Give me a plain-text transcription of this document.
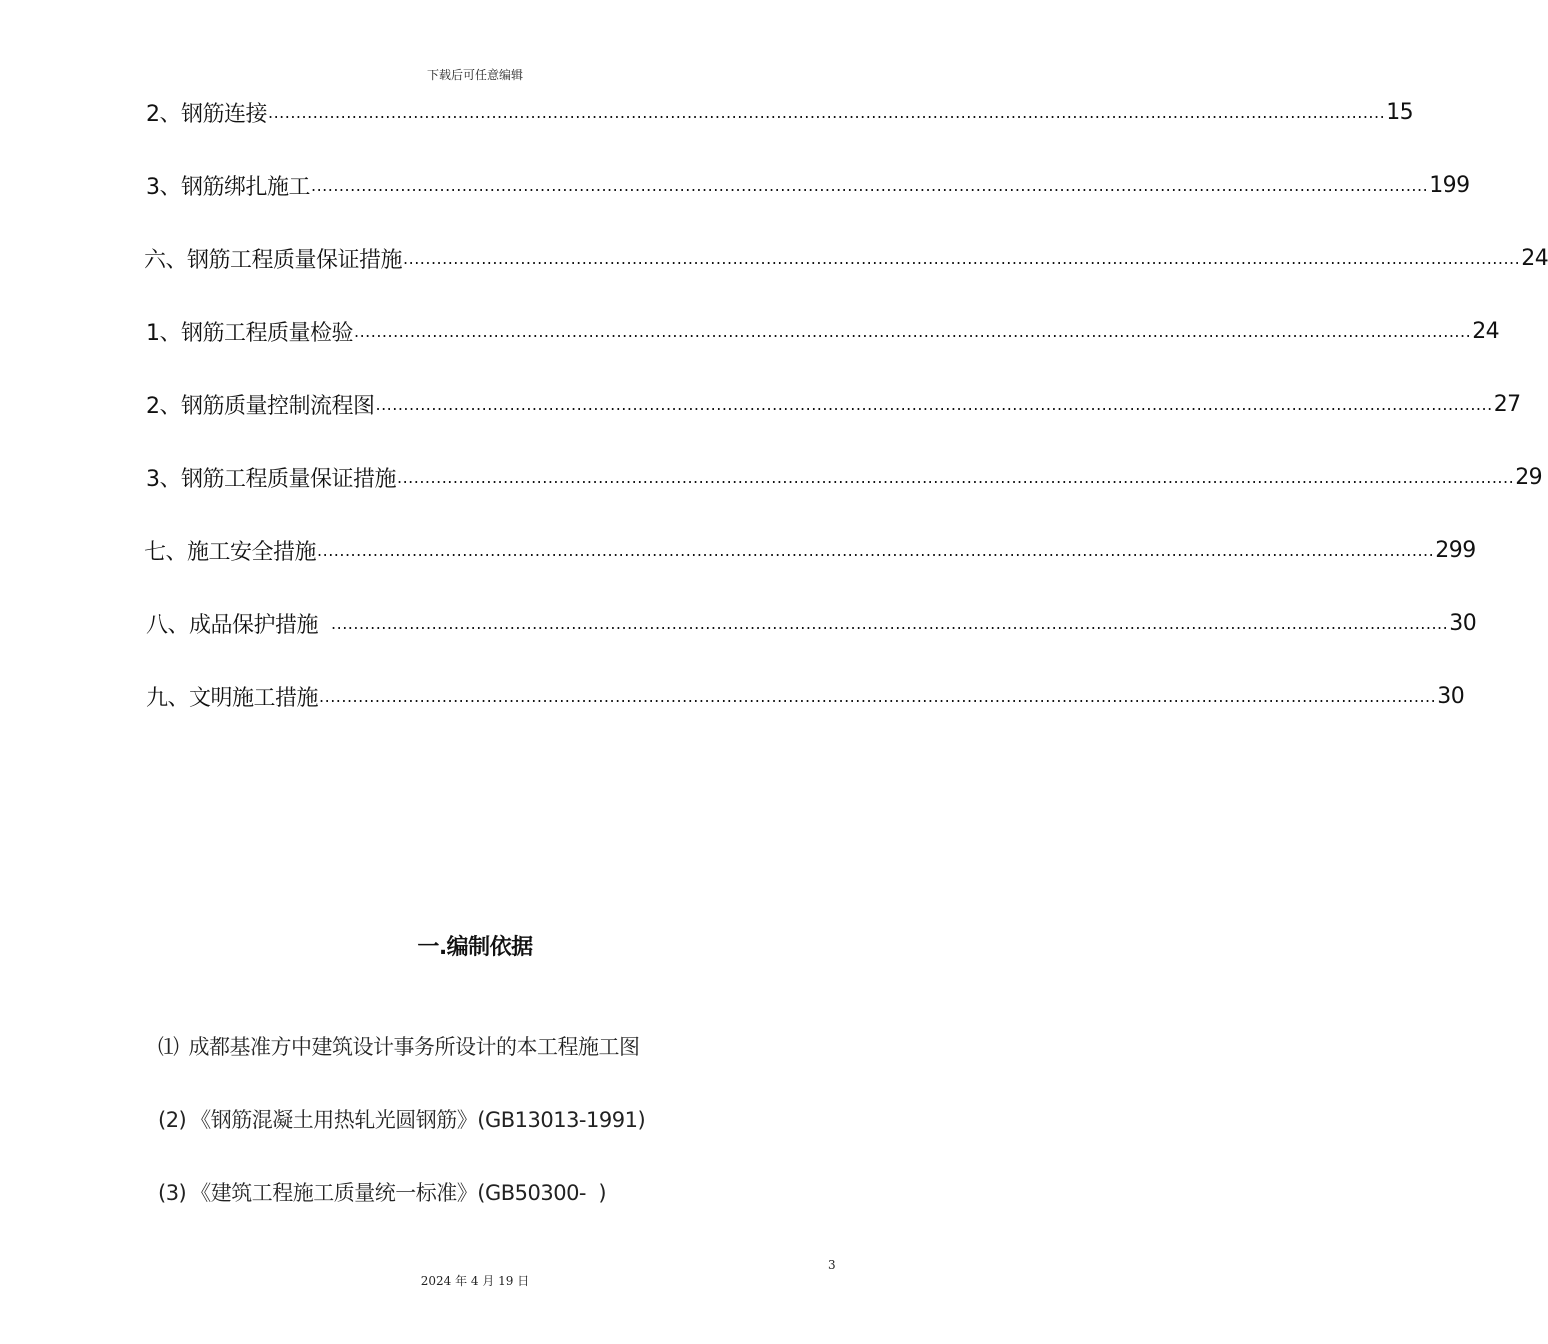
下载后可任意编辑
2、钢筋连接 ........................................................................................................................................................................................................ 15
3、钢筋绑扎施工 ........................................................................................................................................................................................................ 199
六、钢筋工程质量保证措施 ........................................................................................................................................................................................................ 24
1、钢筋工程质量检验 ........................................................................................................................................................................................................ 24
2、钢筋质量控制流程图 ........................................................................................................................................................................................................ 27
3、钢筋工程质量保证措施 ........................................................................................................................................................................................................ 29
七、施工安全措施 ........................................................................................................................................................................................................ 299
八、成品保护措施 ........................................................................................................................................................................................................ 30
九、文明施工措施 ........................................................................................................................................................................................................ 30
一.编制依据
⑴ 成都基准方中建筑设计事务所设计的本工程施工图
(2) 《钢筋混凝土用热轧光圆钢筋》(GB13013-1991)
(3) 《建筑工程施工质量统一标准》(GB50300-  )
3
2024 年 4 月 19 日
